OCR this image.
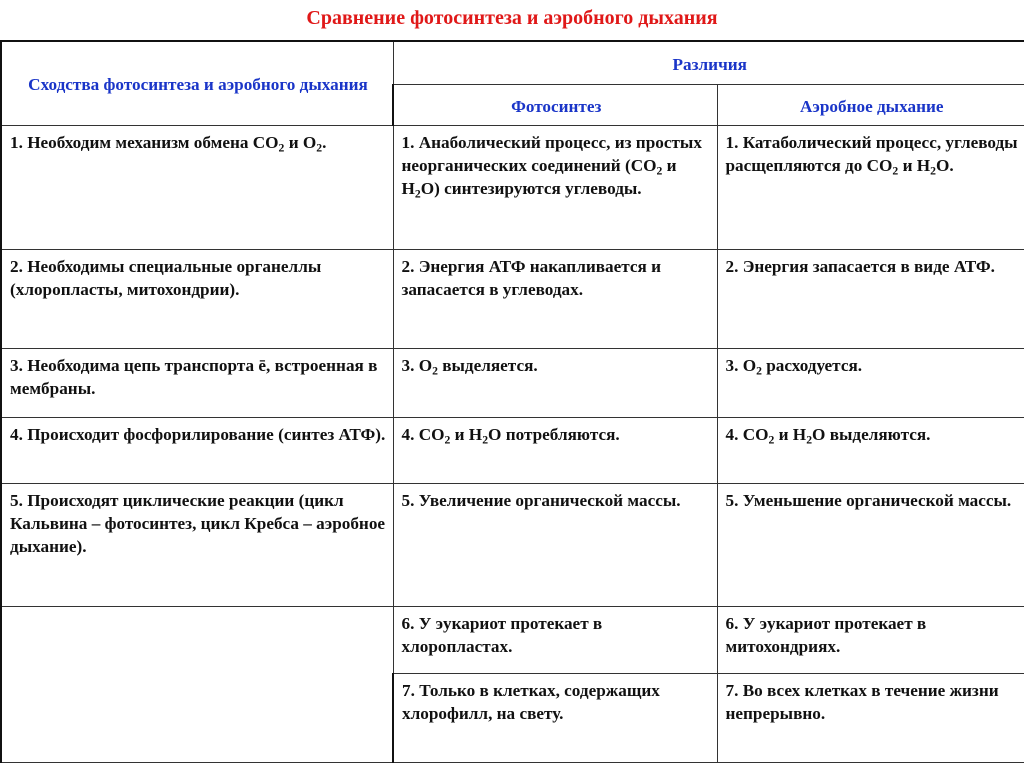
Сравнение фотосинтеза и аэробного дыхания
Сходства фотосинтеза и аэробного дыхания	Различия	
	Фотосинтез	Аэробное дыхание
1. Необходим механизм обмена $CO_2$ и $O_2$.	1. Анаболический процесс, из простых неорганических соединений ($CO_2$ и $H_2O$) синтезируются углеводы.	1. Катаболический процесс, углеводы расщепляются до $CO_2$ и $H_2O$.
2. Необходимы специальные органеллы (хлоропласты, митохондрии).	2. Энергия АТФ накапливается и запасается в углеводах.	2. Энергия запасается в виде АТФ.
3. Необходима цепь транспорта ē, встроенная в мембраны.	3. $O_2$ выделяется.	3. $O_2$ расходуется.
4. Происходит фосфорилирование (синтез АТФ).	4. $CO_2$ и $H_2O$ потребляются.	4. $CO_2$ и $H_2O$ выделяются.
5. Происходят циклические реакции (цикл Кальвина – фотосинтез, цикл Кребса – аэробное дыхание).	5. Увеличение органической массы.	5. Уменьшение органической массы.
	6. У эукариот протекает в хлоропластах.	6. У эукариот протекает в митохондриях.
	7. Только в клетках, содержащих хлорофилл, на свету.	7. Во всех клетках в течение жизни непрерывно.
